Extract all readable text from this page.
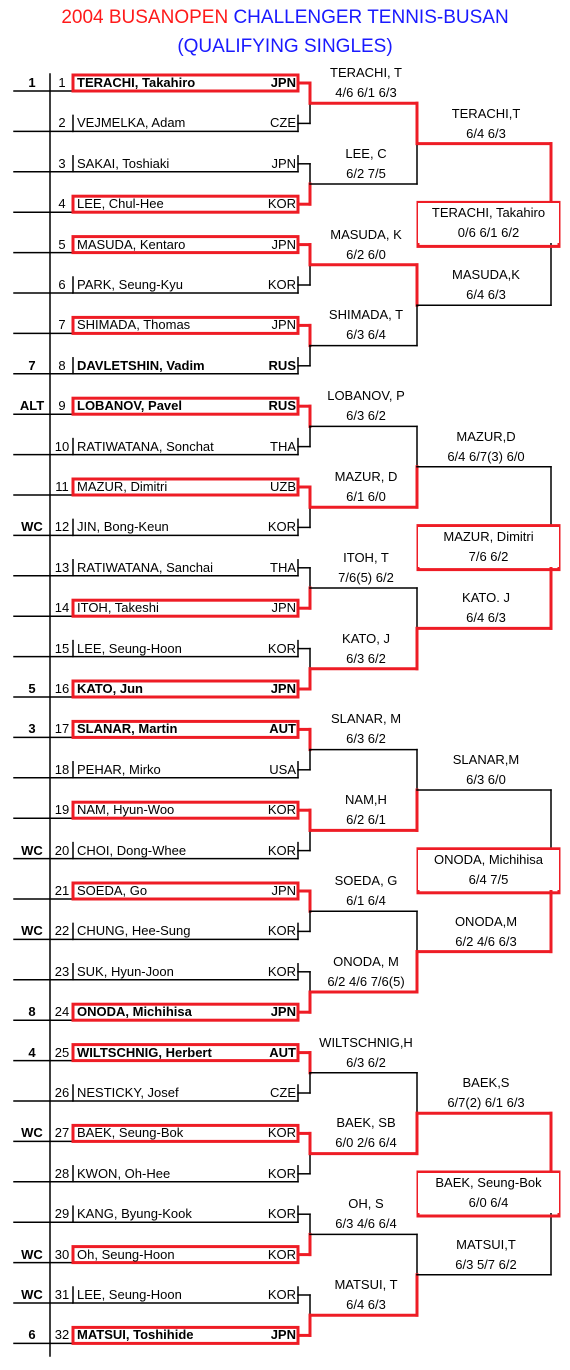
2004 BUSANOPEN CHALLENGER TENNIS-BUSAN
(QUALIFYING SINGLES)
1	1 TERACHI, Takahiro	JPN
2 VEJMELKA, Adam	CZE
3 SAKAI, Toshiaki	JPN
4 LEE, Chul-Hee	KOR
5 MASUDA, Kentaro	JPN
6 PARK, Seung-Kyu	KOR
7 SHIMADA, Thomas	JPN
7	8 DAVLETSHIN, Vadim	RUS
ALT	9 LOBANOV, Pavel	RUS
10 RATIWATANA, Sonchat	THA
11 MAZUR, Dimitri	UZB
WC 12 JIN, Bong-Keun	KOR
13 RATIWATANA, Sanchai	THA
14 ITOH, Takeshi	JPN
15 LEE, Seung-Hoon	KOR
5	16 KATO, Jun	JPN
3	17 SLANAR, Martin	AUT
18 PEHAR, Mirko	USA
19 NAM, Hyun-Woo	KOR
WC 20 CHOI, Dong-Whee	KOR
21 SOEDA, Go	JPN
WC 22 CHUNG, Hee-Sung	KOR
23 SUK, Hyun-Joon	KOR
8	24 ONODA, Michihisa	JPN
4	25 WILTSCHNIG, Herbert	AUT
26 NESTICKY, Josef	CZE
WC 27 BAEK, Seung-Bok	KOR
28 KWON, Oh-Hee	KOR
29 KANG, Byung-Kook	KOR
WC 30 Oh, Seung-Hoon	KOR
WC 31 LEE, Seung-Hoon	KOR
6	32 MATSUI, Toshihide	JPN
TERACHI, T
4/6 6/1 6/3
LEE, C
6/2 7/5
MASUDA, K
6/2 6/0
SHIMADA, T
6/3 6/4
LOBANOV, P
6/3 6/2
MAZUR, D
6/1 6/0
ITOH, T
7/6(5) 6/2
KATO, J
6/3 6/2
SLANAR, M
6/3 6/2
NAM,H
6/2 6/1
SOEDA, G
6/1 6/4
ONODA, M
6/2 4/6 7/6(5)
WILTSCHNIG,H
6/3 6/2
BAEK, SB
6/0 2/6 6/4
OH, S
6/3 4/6 6/4
MATSUI, T
6/4 6/3
TERACHI,T
6/4 6/3
MASUDA,K
6/4 6/3
MAZUR,D
6/4 6/7(3) 6/0
KATO. J
6/4 6/3
SLANAR,M
6/3 6/0
ONODA,M
6/2 4/6 6/3
BAEK,S
6/7(2) 6/1 6/3
MATSUI,T
6/3 5/7 6/2
TERACHI, Takahiro
0/6 6/1 6/2
MAZUR, Dimitri
7/6 6/2
ONODA, Michihisa
6/4 7/5
BAEK, Seung-Bok
6/0 6/4
